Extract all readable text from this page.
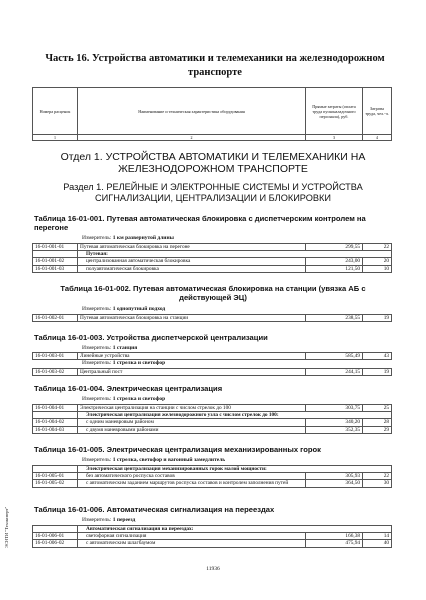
Часть 16. Устройства автоматики и телемеханики на железнодорожном транспорте
Номера расценок	Наименование и техническая характеристика оборудования	Прямые затраты (оплата труда пусконаладочного персонала), руб.	Затраты труда, чел.-ч.
1	2	3	4
Отдел 1. УСТРОЙСТВА АВТОМАТИКИ И ТЕЛЕМЕХАНИКИ НА ЖЕЛЕЗНОДОРОЖНОМ ТРАНСПОРТЕ
Раздел 1. РЕЛЕЙНЫЕ И ЭЛЕКТРОННЫЕ СИСТЕМЫ И УСТРОЙСТВА СИГНАЛИЗАЦИИ, ЦЕНТРАЛИЗАЦИИ И БЛОКИРОВКИ
Таблица 16-01-001. Путевая автоматическая блокировка с диспетчерским контролем на перегоне
Измеритель: 1 км развернутой длины
16-01-001-01	Путевая автоматическая блокировка на перегоне	299,55	22
	Путевая:		
16-01-001-02	централизованная автоматическая блокировка	243,00	20
16-01-001-03	полуавтоматическая блокировка	121,50	10
Таблица 16-01-002. Путевая автоматическая блокировка на станции (увязка АБ с действующей ЭЦ)
Измеритель: 1 однопутный подход
16-01-002-01	Путевая автоматическая блокировка на станции	238,55	19
Таблица 16-01-003. Устройства диспетчерской централизации
Измеритель: 1 станция
16-01-003-01	Линейные устройства	585,49	43
Измеритель: 1 стрелка и светофор
16-01-003-02	Центральный пост	244,15	19
Таблица 16-01-004. Электрическая централизация
Измеритель: 1 стрелка и светофор
16-01-004-01	Электрическая централизация на станции с числом стрелок до 100	303,75	25
	Электрическая централизация железнодорожного узла с числом стрелок до 100:		
16-01-004-02	с одним маневровым районом	340,20	28
16-01-004-03	с двумя маневровыми районами	352,35	29
Таблица 16-01-005. Электрическая централизация механизированных горок
Измеритель: 1 стрелка, светофор и вагонный замедлитель
	Электрическая централизация механизированных горок малой мощности:		
16-01-005-01	без автоматического роспуска составов	305,93	22
16-01-005-02	с автоматическим заданием маршрутов роспуска составов и контролем заполнения путей	364,50	30
Таблица 16-01-006. Автоматическая сигнализация на переездах
Измеритель: 1 переезд
	Автоматическая сигнализация на переездах:		
16-01-006-01	светофорная сигнализация	166,38	14
16-01-006-02	с автоматическим шлагбаумом	475,94	40
11936
ЭСНТИ "Техэксперт"
